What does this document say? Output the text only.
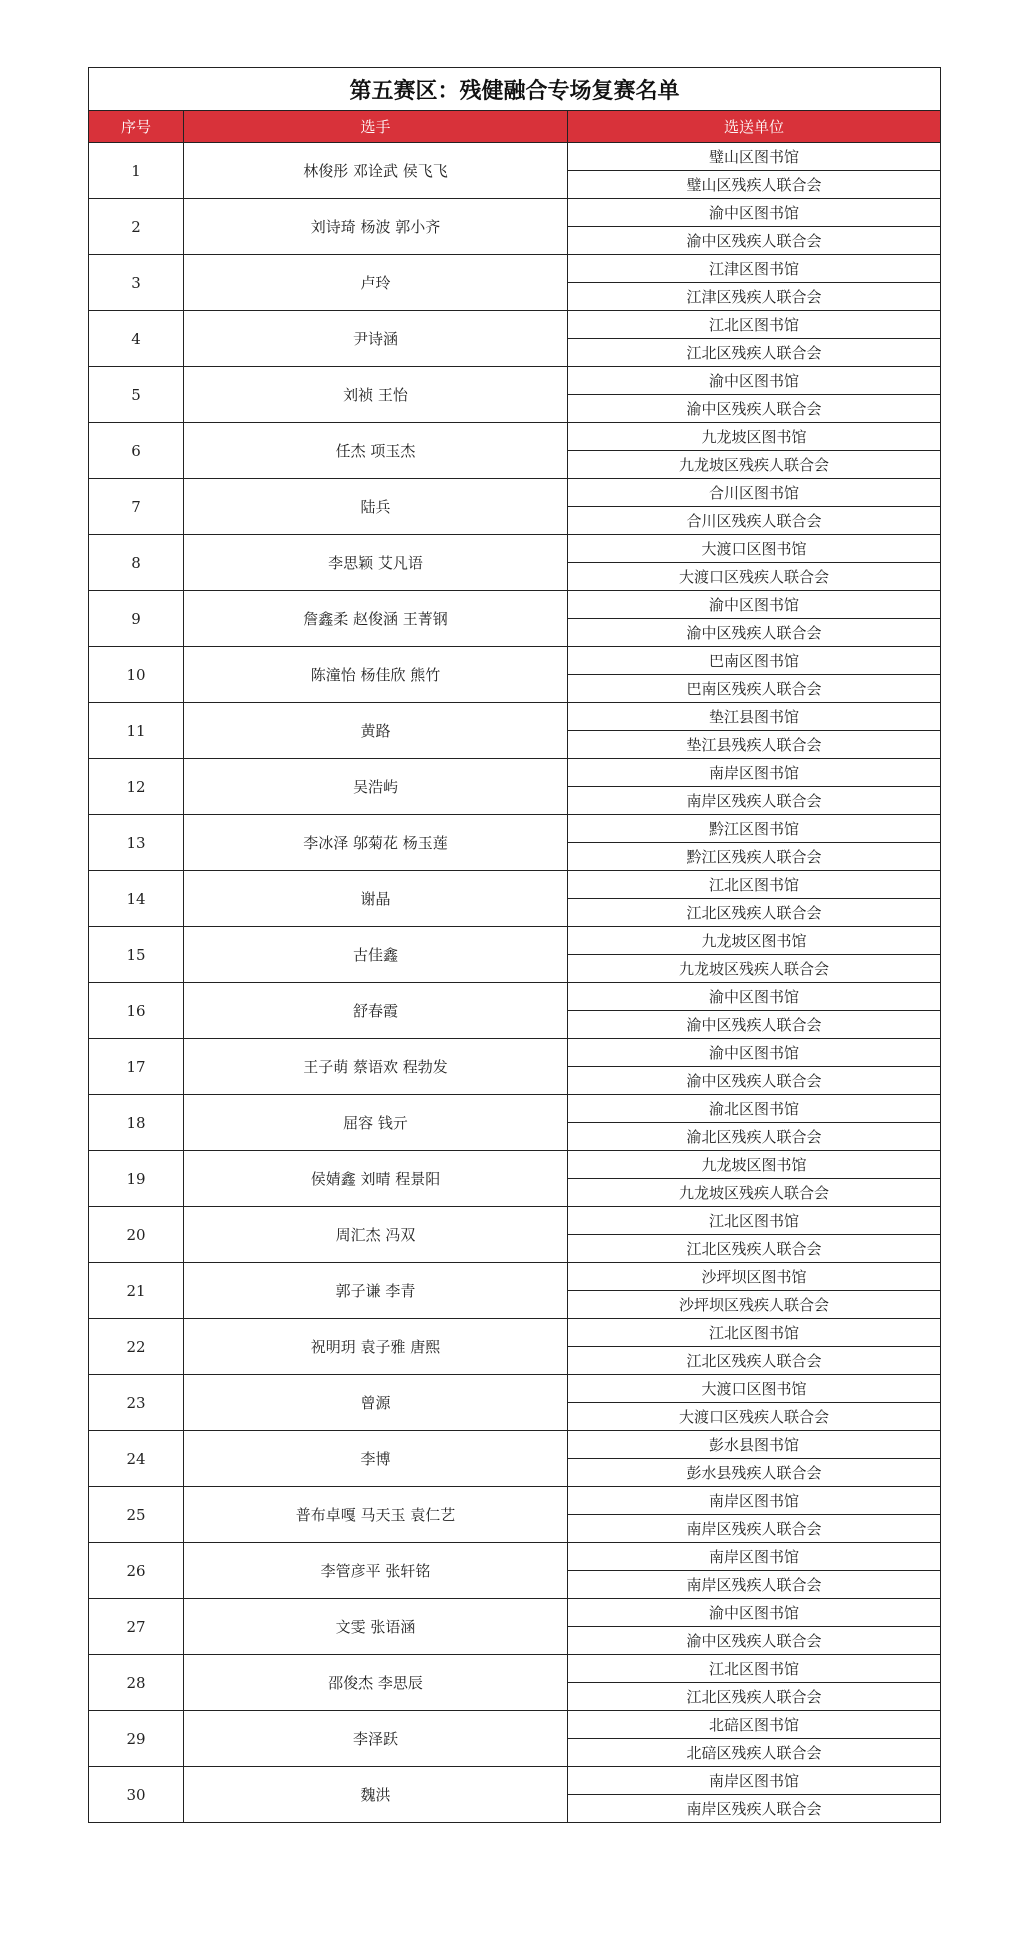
第五赛区：残健融合专场复赛名单		
序号	选手	选送单位
1	林俊彤 邓诠武 侯飞飞	璧山区图书馆
		璧山区残疾人联合会
2	刘诗琦 杨波 郭小齐	渝中区图书馆
		渝中区残疾人联合会
3	卢玲	江津区图书馆
		江津区残疾人联合会
4	尹诗涵	江北区图书馆
		江北区残疾人联合会
5	刘祯 王怡	渝中区图书馆
		渝中区残疾人联合会
6	任杰 项玉杰	九龙坡区图书馆
		九龙坡区残疾人联合会
7	陆兵	合川区图书馆
		合川区残疾人联合会
8	李思颖 艾凡语	大渡口区图书馆
		大渡口区残疾人联合会
9	詹鑫柔 赵俊涵 王菁钢	渝中区图书馆
		渝中区残疾人联合会
10	陈潼怡 杨佳欣 熊竹	巴南区图书馆
		巴南区残疾人联合会
11	黄路	垫江县图书馆
		垫江县残疾人联合会
12	吴浩屿	南岸区图书馆
		南岸区残疾人联合会
13	李冰泽 邬菊花 杨玉莲	黔江区图书馆
		黔江区残疾人联合会
14	谢晶	江北区图书馆
		江北区残疾人联合会
15	古佳鑫	九龙坡区图书馆
		九龙坡区残疾人联合会
16	舒春霞	渝中区图书馆
		渝中区残疾人联合会
17	王子萌 蔡语欢 程勃发	渝中区图书馆
		渝中区残疾人联合会
18	屈容 钱亓	渝北区图书馆
		渝北区残疾人联合会
19	侯婧鑫 刘晴 程景阳	九龙坡区图书馆
		九龙坡区残疾人联合会
20	周汇杰 冯双	江北区图书馆
		江北区残疾人联合会
21	郭子谦 李青	沙坪坝区图书馆
		沙坪坝区残疾人联合会
22	祝明玥 袁子雅 唐熙	江北区图书馆
		江北区残疾人联合会
23	曾源	大渡口区图书馆
		大渡口区残疾人联合会
24	李博	彭水县图书馆
		彭水县残疾人联合会
25	普布卓嘎 马天玉 袁仁艺	南岸区图书馆
		南岸区残疾人联合会
26	李管彦平 张轩铭	南岸区图书馆
		南岸区残疾人联合会
27	文雯 张语涵	渝中区图书馆
		渝中区残疾人联合会
28	邵俊杰 李思辰	江北区图书馆
		江北区残疾人联合会
29	李泽跃	北碚区图书馆
		北碚区残疾人联合会
30	魏洪	南岸区图书馆
		南岸区残疾人联合会
